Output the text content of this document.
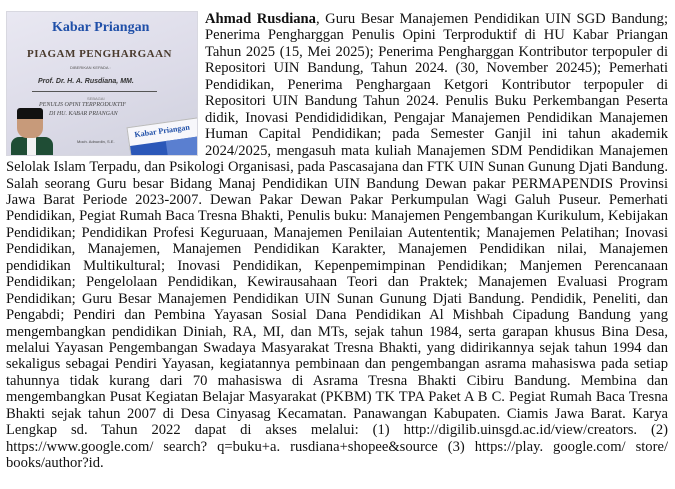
Kabar Priangan
PIAGAM PENGHARGAAN
DIBERIKAN KEPADA :
Prof. Dr. H. A. Rusdiana, MM.
SEBAGAI
PENULIS OPINI TERPRODUKTIF
DI HU. KABAR PRIANGAN
Moch. Adnurdin, S.E.
Kabar Priangan
Ahmad Rusdiana, Guru Besar Manajemen Pendidikan UIN SGD Bandung;
Penerima Pengharggan Penulis Opini Terproduktif di HU Kabar Priangan
Tahun 2025 (15, Mei 2025); Penerima Pengharggan Kontributor terpopuler di
Repositori UIN Bandung, Tahun 2024. (30, November 20245); Pemerhati
Pendidikan, Penerima Penghargaan Ketgori Kontributor terpopuler di
Repositori UIN Bandung Tahun 2024. Penulis Buku Perkembangan Peserta
didik, Inovasi Pendidididikan, Pengajar Manajemen Pendidikan Manajemen
Human Capital Pendidikan; pada Semester Ganjil ini tahun akademik
2024/2025, mengasuh mata kuliah Manajemen SDM Pendidikan Manajemen
Selolak Islam Terpadu, dan Psikologi Organisasi, pada Pascasajana dan FTK UIN Sunan Gunung Djati Bandung.
Salah seorang Guru besar Bidang Manaj Pendidikan UIN Bandung Dewan pakar PERMAPENDIS Provinsi
Jawa Barat Periode 2023-2007. Dewan Pakar Dewan Pakar Perkumpulan Wagi Galuh Puseur. Pemerhati
Pendidikan, Pegiat Rumah Baca Tresna Bhakti, Penulis buku: Manajemen Pengembangan Kurikulum, Kebijakan
Pendidikan; Pendidikan Profesi Keguruaan, Manajemen Penilaian Autententik; Manajemen Pelatihan; Inovasi
Pendidikan, Manajemen, Manajemen Pendidikan Karakter, Manajemen Pendidikan nilai, Manajemen
pendidikan Multikultural; Inovasi Pendidikan, Kepenpemimpinan Pendidikan; Manjemen Perencanaan
Pendidikan; Pengelolaan Pendidikan, Kewirausahaan Teori dan Praktek; Manajemen Evaluasi Program
Pendidikan; Guru Besar Manajemen Pendidikan UIN Sunan Gunung Djati Bandung. Pendidik, Peneliti, dan
Pengabdi; Pendiri dan Pembina Yayasan Sosial Dana Pendidikan Al Mishbah Cipadung Bandung yang
mengembangkan pendidikan Diniah, RA, MI, dan MTs, sejak tahun 1984, serta garapan khusus Bina Desa,
melalui Yayasan Pengembangan Swadaya Masyarakat Tresna Bhakti, yang didirikannya sejak tahun 1994 dan
sekaligus sebagai Pendiri Yayasan, kegiatannya pembinaan dan pengembangan asrama mahasiswa pada setiap
tahunnya tidak kurang dari 70 mahasiswa di Asrama Tresna Bhakti Cibiru Bandung. Membina dan
mengembangkan Pusat Kegiatan Belajar Masyarakat (PKBM) TK TPA Paket A B C. Pegiat Rumah Baca Tresna
Bhakti sejak tahun 2007 di Desa Cinyasag Kecamatan. Panawangan Kabupaten. Ciamis Jawa Barat. Karya
Lengkap sd. Tahun 2022 dapat di akses melalui: (1) http://digilib.uinsgd.ac.id/view/creators. (2)
https://www.google.com/ search? q=buku+a. rusdiana+shopee&source (3) https://play. google.com/ store/
books/author?id.
